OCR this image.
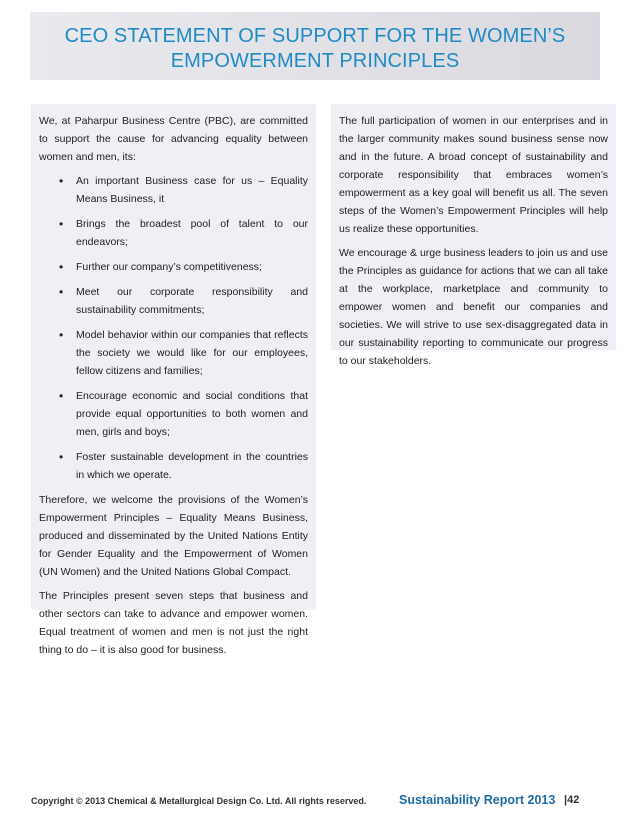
CEO STATEMENT OF SUPPORT FOR THE WOMEN’S
EMPOWERMENT PRINCIPLES

We, at Paharpur Business Centre (PBC), are committed to support the cause for advancing equality between women and men, its:

• An important Business case for us – Equality Means Business, it
• Brings the broadest pool of talent to our endeavors;
• Further our company’s competitiveness;
• Meet our corporate responsibility and sustainability commitments;
• Model behavior within our companies that reflects the society we would like for our employees, fellow citizens and families;
• Encourage economic and social conditions that provide equal opportunities to both women and men, girls and boys;
• Foster sustainable development in the countries in which we operate.

Therefore, we welcome the provisions of the Women’s Empowerment Principles – Equality Means Business, produced and disseminated by the United Nations Entity for Gender Equality and the Empowerment of Women (UN Women) and the United Nations Global Compact.

The Principles present seven steps that business and other sectors can take to advance and empower women. Equal treatment of women and men is not just the right thing to do – it is also good for business.

The full participation of women in our enterprises and in the larger community makes sound business sense now and in the future. A broad concept of sustainability and corporate responsibility that embraces women’s empowerment as a key goal will benefit us all. The seven steps of the Women’s Empowerment Principles will help us realize these opportunities.

We encourage & urge business leaders to join us and use the Principles as guidance for actions that we can all take at the workplace, marketplace and community to empower women and benefit our companies and societies. We will strive to use sex-disaggregated data in our sustainability reporting to communicate our progress to our stakeholders.

Copyright © 2013 Chemical & Metallurgical Design Co. Ltd. All rights reserved.	Sustainability Report 2013 |42
